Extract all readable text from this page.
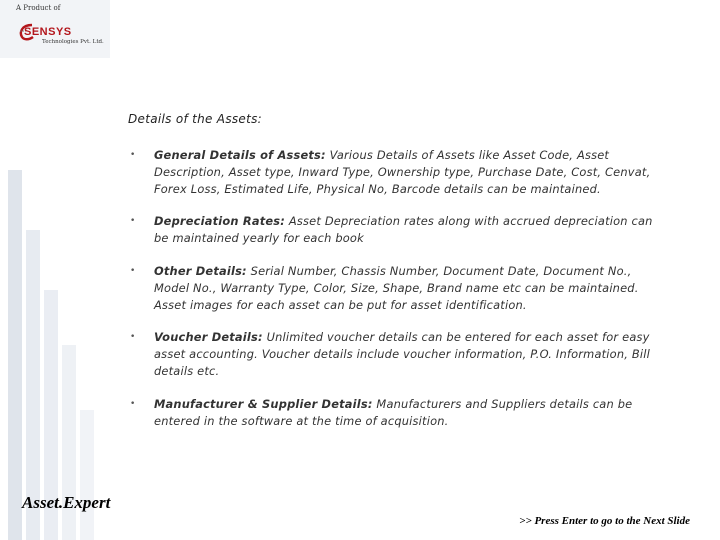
A Product of
SENSYS
Technologies Pvt. Ltd.
Details of the Assets:
• General Details of Assets: Various Details of Assets like Asset Code, Asset Description, Asset type, Inward Type, Ownership type, Purchase Date, Cost, Cenvat, Forex Loss, Estimated Life, Physical No, Barcode details can be maintained.
• Depreciation Rates: Asset Depreciation rates along with accrued depreciation can be maintained yearly for each book
• Other Details: Serial Number, Chassis Number, Document Date, Document No., Model No., Warranty Type, Color, Size, Shape, Brand name etc can be maintained. Asset images for each asset can be put for asset identification.
• Voucher Details: Unlimited voucher details can be entered for each asset for easy asset accounting. Voucher details include voucher information, P.O. Information, Bill details etc.
• Manufacturer & Supplier Details: Manufacturers and Suppliers details can be entered in the software at the time of acquisition.
Asset.Expert
>> Press Enter to go to the Next Slide
